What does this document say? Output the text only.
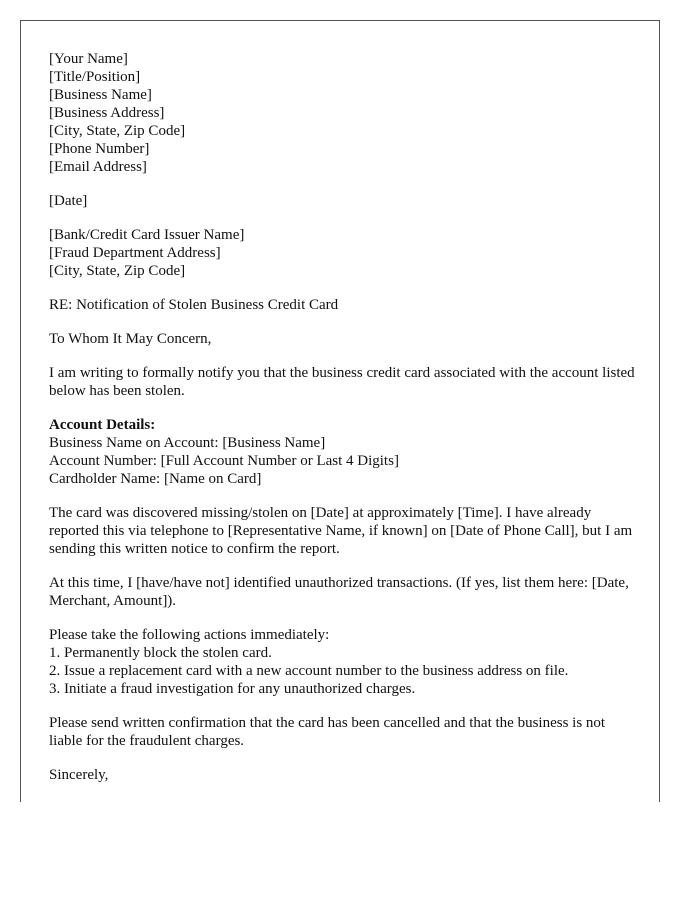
[Your Name]
[Title/Position]
[Business Name]
[Business Address]
[City, State, Zip Code]
[Phone Number]
[Email Address]
[Date]
[Bank/Credit Card Issuer Name]
[Fraud Department Address]
[City, State, Zip Code]
RE: Notification of Stolen Business Credit Card
To Whom It May Concern,
I am writing to formally notify you that the business credit card associated with the account listed below has been stolen.
Account Details:
Business Name on Account: [Business Name]
Account Number: [Full Account Number or Last 4 Digits]
Cardholder Name: [Name on Card]
The card was discovered missing/stolen on [Date] at approximately [Time]. I have already reported this via telephone to [Representative Name, if known] on [Date of Phone Call], but I am sending this written notice to confirm the report.
At this time, I [have/have not] identified unauthorized transactions. (If yes, list them here: [Date, Merchant, Amount]).
Please take the following actions immediately:
1. Permanently block the stolen card.
2. Issue a replacement card with a new account number to the business address on file.
3. Initiate a fraud investigation for any unauthorized charges.
Please send written confirmation that the card has been cancelled and that the business is not liable for the fraudulent charges.
Sincerely,
